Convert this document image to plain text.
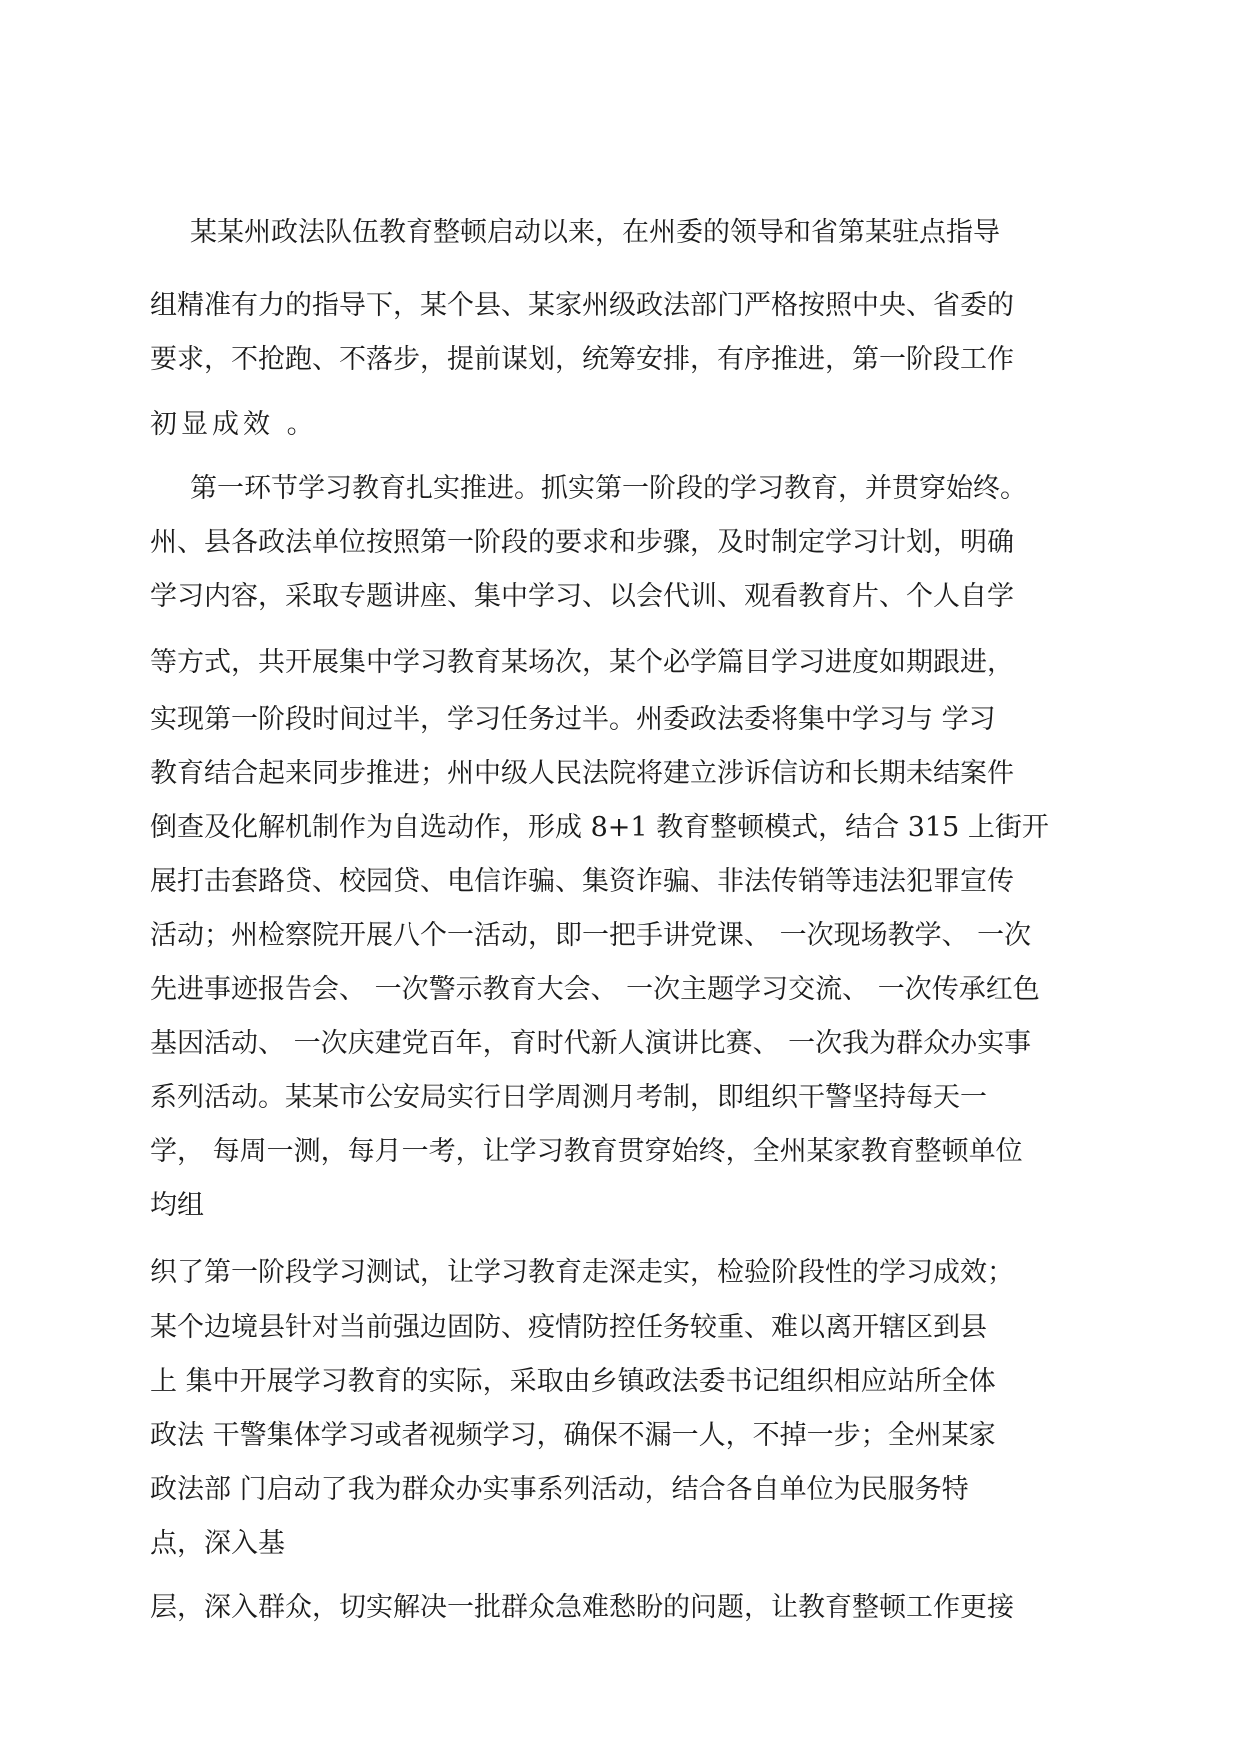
某某州政法队伍教育整顿启动以来，在州委的领导和省第某驻点指导
组精准有力的指导下，某个县、某家州级政法部门严格按照中央、省委的
要求，不抢跑、不落步，提前谋划，统筹安排，有序推进，第一阶段工作
初显成效 。
第一环节学习教育扎实推进。抓实第一阶段的学习教育，并贯穿始终。
州、县各政法单位按照第一阶段的要求和步骤，及时制定学习计划，明确
学习内容，采取专题讲座、集中学习、以会代训、观看教育片、个人自学
等方式，共开展集中学习教育某场次，某个必学篇目学习进度如期跟进，
实现第一阶段时间过半，学习任务过半。州委政法委将集中学习与 学习
教育结合起来同步推进；州中级人民法院将建立涉诉信访和长期未结案件
倒查及化解机制作为自选动作，形成 8+1 教育整顿模式，结合 315 上街开
展打击套路贷、校园贷、电信诈骗、集资诈骗、非法传销等违法犯罪宣传
活动；州检察院开展八个一活动，即一把手讲党课、 一次现场教学、 一次
先进事迹报告会、 一次警示教育大会、 一次主题学习交流、 一次传承红色
基因活动、 一次庆建党百年，育时代新人演讲比赛、 一次我为群众办实事
系列活动。某某市公安局实行日学周测月考制，即组织干警坚持每天一
学， 每周一测，每月一考，让学习教育贯穿始终，全州某家教育整顿单位
均组
织了第一阶段学习测试，让学习教育走深走实，检验阶段性的学习成效；
某个边境县针对当前强边固防、疫情防控任务较重、难以离开辖区到县
上 集中开展学习教育的实际，采取由乡镇政法委书记组织相应站所全体
政法 干警集体学习或者视频学习，确保不漏一人，不掉一步；全州某家
政法部 门启动了我为群众办实事系列活动，结合各自单位为民服务特
点，深入基
层，深入群众，切实解决一批群众急难愁盼的问题，让教育整顿工作更接
